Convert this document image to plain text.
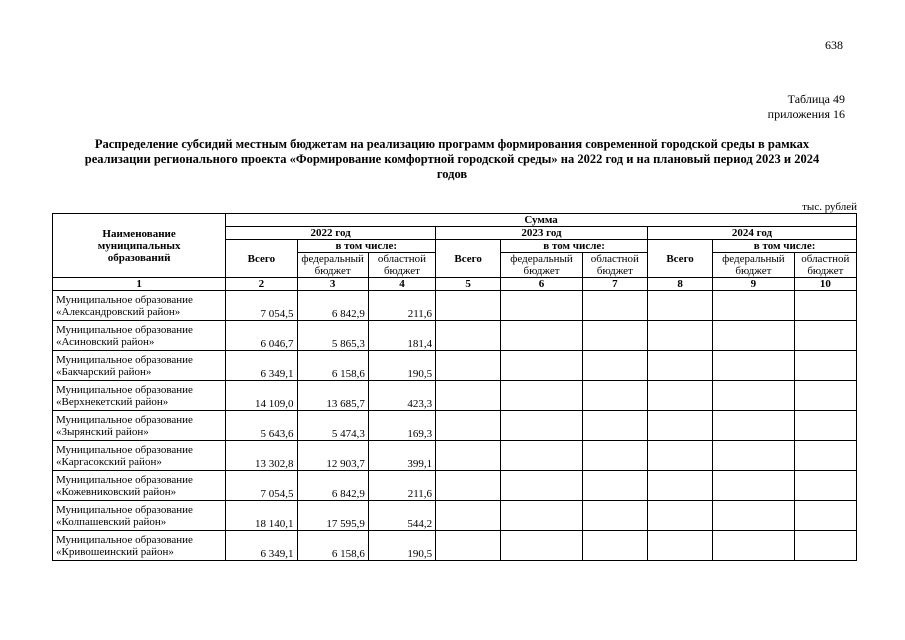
638
Таблица 49
приложения 16
Распределение субсидий местным бюджетам на реализацию программ формирования современной городской среды в рамках реализации регионального проекта «Формирование комфортной городской среды» на 2022 год и на плановый период 2023 и 2024 годов
тыс. рублей
Наименование муниципальных образований	Сумма								
	2022 год			2023 год			2024 год		
	Всего	в том числе:		Всего	в том числе:		Всего	в том числе:	
		федеральный бюджет	областной бюджет		федеральный бюджет	областной бюджет		федеральный бюджет	областной бюджет
1	2	3	4	5	6	7	8	9	10

Муниципальное образование
«Александровский район»	7 054,5	6 842,9	211,6						

Муниципальное образование
«Асиновский район»	6 046,7	5 865,3	181,4						

Муниципальное образование
«Бакчарский район»	6 349,1	6 158,6	190,5						

Муниципальное образование
«Верхнекетский район»	14 109,0	13 685,7	423,3						

Муниципальное образование
«Зырянский район»	5 643,6	5 474,3	169,3						

Муниципальное образование
«Каргасокский район»	13 302,8	12 903,7	399,1						

Муниципальное образование
«Кожевниковский район»	7 054,5	6 842,9	211,6						

Муниципальное образование
«Колпашевский район»	18 140,1	17 595,9	544,2						

Муниципальное образование
«Кривошеинский район»	6 349,1	6 158,6	190,5						
